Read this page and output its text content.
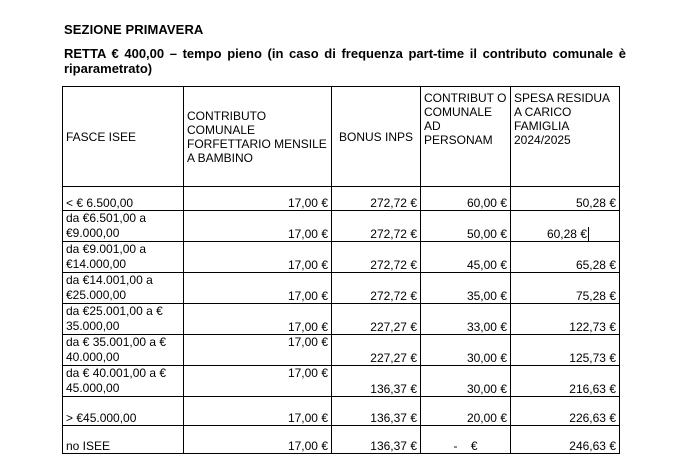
SEZIONE PRIMAVERA
RETTA € 400,00 – tempo pieno (in caso di frequenza part-time il contributo comunale è riparametrato)
FASCE ISEE	CONTRIBUTO COMUNALE FORFETTARIO MENSILE A BAMBINO	BONUS INPS	CONTRIBUT O COMUNALE AD PERSONAM	SPESA RESIDUA A CARICO FAMIGLIA 2024/2025
< € 6.500,00	17,00 €	272,72 €	60,00 €	50,28 €
da €6.501,00 a €9.000,00	17,00 €	272,72 €	50,00 €	60,28 €
da €9.001,00 a €14.000,00	17,00 €	272,72 €	45,00 €	65,28 €
da €14.001,00 a €25.000,00	17,00 €	272,72 €	35,00 €	75,28 €
da €25.001,00 a € 35.000,00	17,00 €	227,27 €	33,00 €	122,73 €
da € 35.001,00 a € 40.000,00	17,00 €	227,27 €	30,00 €	125,73 €
da € 40.001,00 a € 45.000,00	17,00 €	136,37 €	30,00 €	216,63 €
> €45.000,00	17,00 €	136,37 €	20,00 €	226,63 €
no ISEE	17,00 €	136,37 €	-    €	246,63 €
